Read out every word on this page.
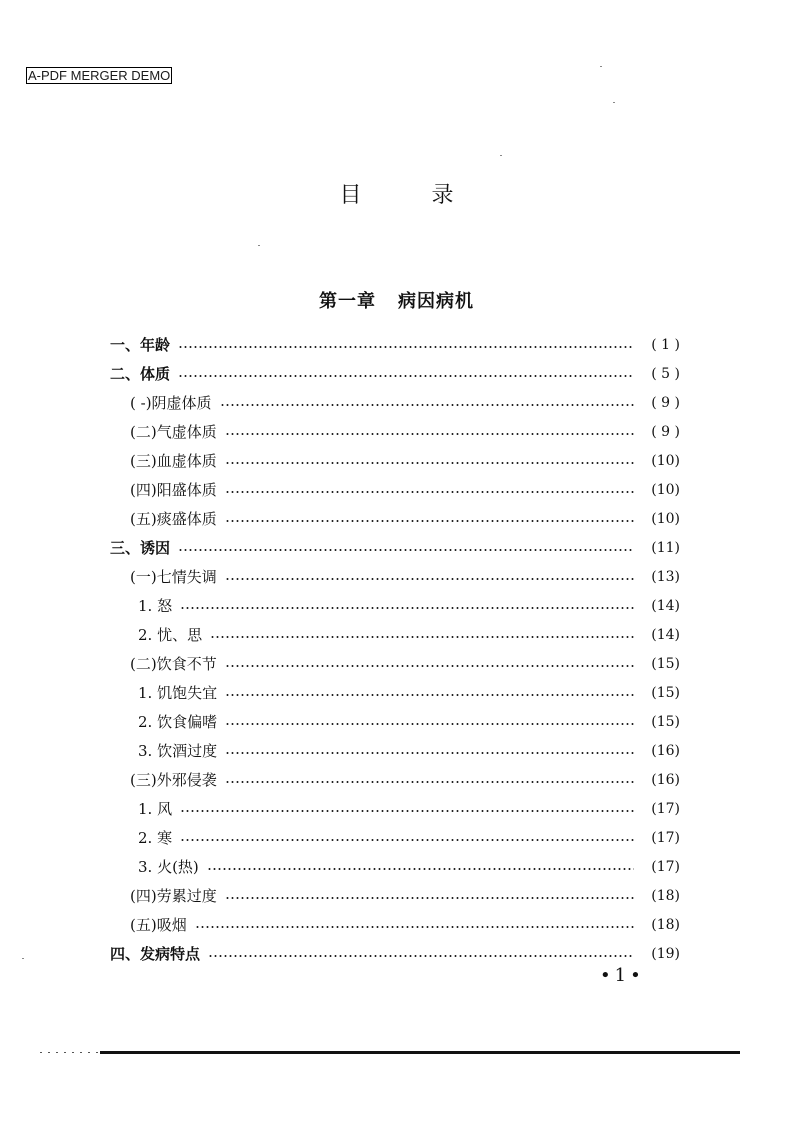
A-PDF MERGER DEMO
目	录
第一章 病因病机
一、年龄	( 1 )
二、体质	( 5 )
( -)阴虚体质	( 9 )
(二)气虚体质	( 9 )
(三)血虚体质	(10)
(四)阳盛体质	(10)
(五)痰盛体质	(10)
三、诱因	(11)
(一)七情失调	(13)
1. 怒	(14)
2. 忧、思	(14)
(二)饮食不节	(15)
1. 饥饱失宜	(15)
2. 饮食偏嗜	(15)
3. 饮酒过度	(16)
(三)外邪侵袭	(16)
1. 风	(17)
2. 寒	(17)
3. 火(热)	(17)
(四)劳累过度	(18)
(五)吸烟	(18)
四、发病特点	(19)
•1•
